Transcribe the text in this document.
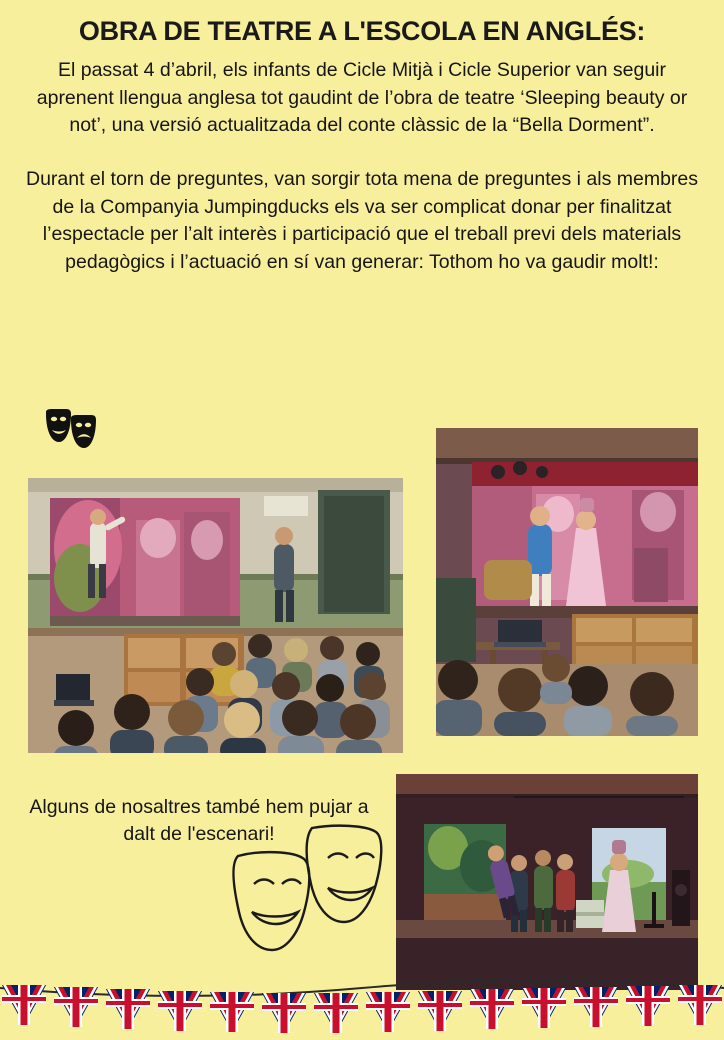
OBRA DE TEATRE A L'ESCOLA EN ANGLÉS:

El passat 4 d’abril, els infants de Cicle Mitjà i Cicle Superior van seguir aprenent llengua anglesa tot gaudint de l’obra de teatre ‘Sleeping beauty or not’, una versió actualitzada del conte clàssic de la “Bella Dorment”.

Durant el torn de preguntes, van sorgir tota mena de preguntes i als membres de la Companyia Jumpingducks els va ser complicat donar per finalitzat l’espectacle per l’alt interès i participació que el treball previ dels materials pedagògics i l’actuació en sí van generar: Tothom ho va gaudir molt!:

Alguns de nosaltres també hem pujar a dalt de l'escenari!
